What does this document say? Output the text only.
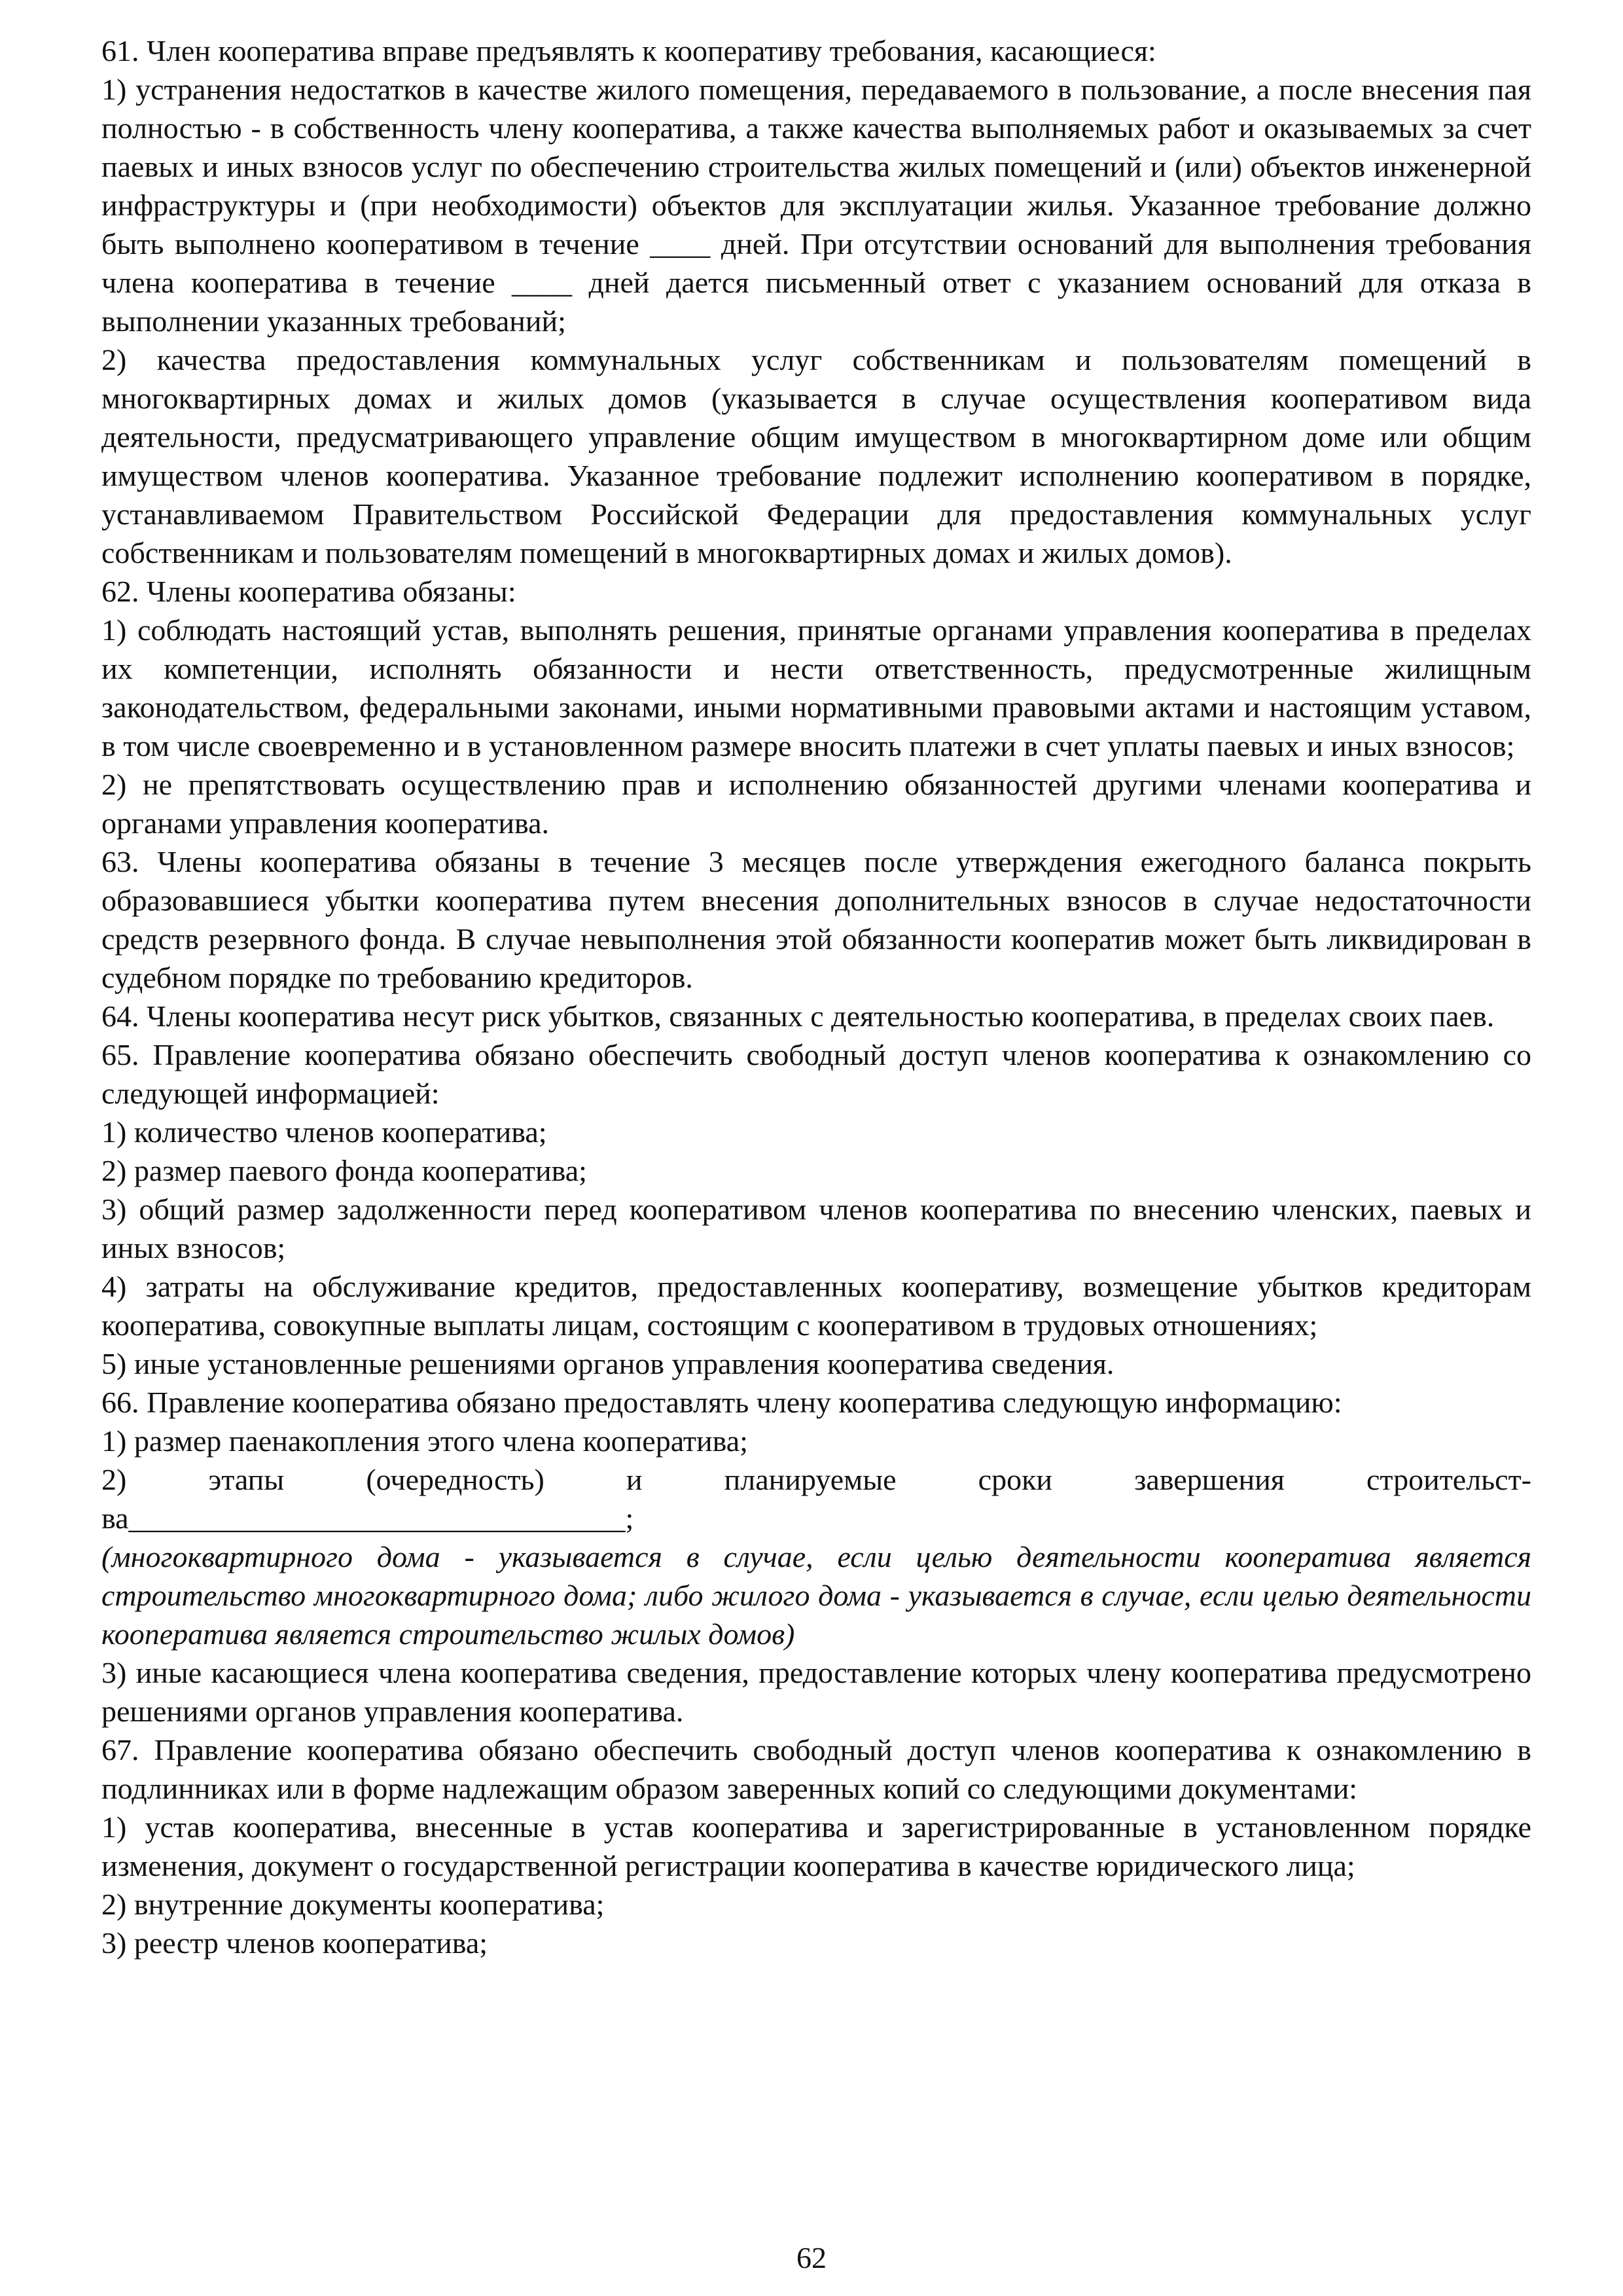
61. Член кооператива вправе предъявлять к кооперативу требования, касающиеся:

1) устранения недостатков в качестве жилого помещения, передаваемого в пользование, а после внесения пая полностью - в собственность члену кооператива, а также качества выполняемых работ и оказываемых за счет паевых и иных взносов услуг по обеспечению строительства жилых помещений и (или) объектов инженерной инфраструктуры и (при необходимости) объектов для эксплуатации жилья. Указанное требование должно быть выполнено кооперативом в течение ____ дней. При отсутствии оснований для выполнения требования члена кооператива в течение ____ дней дается письменный ответ с указанием оснований для отказа в выполнении указанных требований;

2) качества предоставления коммунальных услуг собственникам и пользователям помещений в многоквартирных домах и жилых домов (указывается в случае осуществления кооперативом вида деятельности, предусматривающего управление общим имуществом в многоквартирном доме или общим имуществом членов кооператива. Указанное требование подлежит исполнению кооперативом в порядке, устанавливаемом Правительством Российской Федерации для предоставления коммунальных услуг собственникам и пользователям помещений в многоквартирных домах и жилых домов).

62. Члены кооператива обязаны:

1) соблюдать настоящий устав, выполнять решения, принятые органами управления кооператива в пределах их компетенции, исполнять обязанности и нести ответственность, предусмотренные жилищным законодательством, федеральными законами, иными нормативными правовыми актами и настоящим уставом, в том числе своевременно и в установленном размере вносить платежи в счет уплаты паевых и иных взносов;

2) не препятствовать осуществлению прав и исполнению обязанностей другими членами кооператива и органами управления кооператива.

63. Члены кооператива обязаны в течение 3 месяцев после утверждения ежегодного баланса покрыть образовавшиеся убытки кооператива путем внесения дополнительных взносов в случае недостаточности средств резервного фонда. В случае невыполнения этой обязанности кооператив может быть ликвидирован в судебном порядке по требованию кредиторов.

64. Члены кооператива несут риск убытков, связанных с деятельностью кооператива, в пределах своих паев.

65. Правление кооператива обязано обеспечить свободный доступ членов кооператива к ознакомлению со следующей информацией:

1) количество членов кооператива;

2) размер паевого фонда кооператива;

3) общий размер задолженности перед кооперативом членов кооператива по внесению членских, паевых и иных взносов;

4) затраты на обслуживание кредитов, предоставленных кооперативу, возмещение убытков кредиторам кооператива, совокупные выплаты лицам, состоящим с кооперативом в трудовых отношениях;

5) иные установленные решениями органов управления кооператива сведения.

66. Правление кооператива обязано предоставлять члену кооператива следующую информацию:

1) размер паенакопления этого члена кооператива;

2) этапы (очередность) и планируемые сроки завершения строительства_________________________________;

(многоквартирного дома - указывается в случае, если целью деятельности кооператива является строительство многоквартирного дома; либо жилого дома - указывается в случае, если целью деятельности кооператива является строительство жилых домов)

3) иные касающиеся члена кооператива сведения, предоставление которых члену кооператива предусмотрено решениями органов управления кооператива.

67. Правление кооператива обязано обеспечить свободный доступ членов кооператива к ознакомлению в подлинниках или в форме надлежащим образом заверенных копий со следующими документами:

1) устав кооператива, внесенные в устав кооператива и зарегистрированные в установленном порядке изменения, документ о государственной регистрации кооператива в качестве юридического лица;

2) внутренние документы кооператива;

3) реестр членов кооператива;

62
